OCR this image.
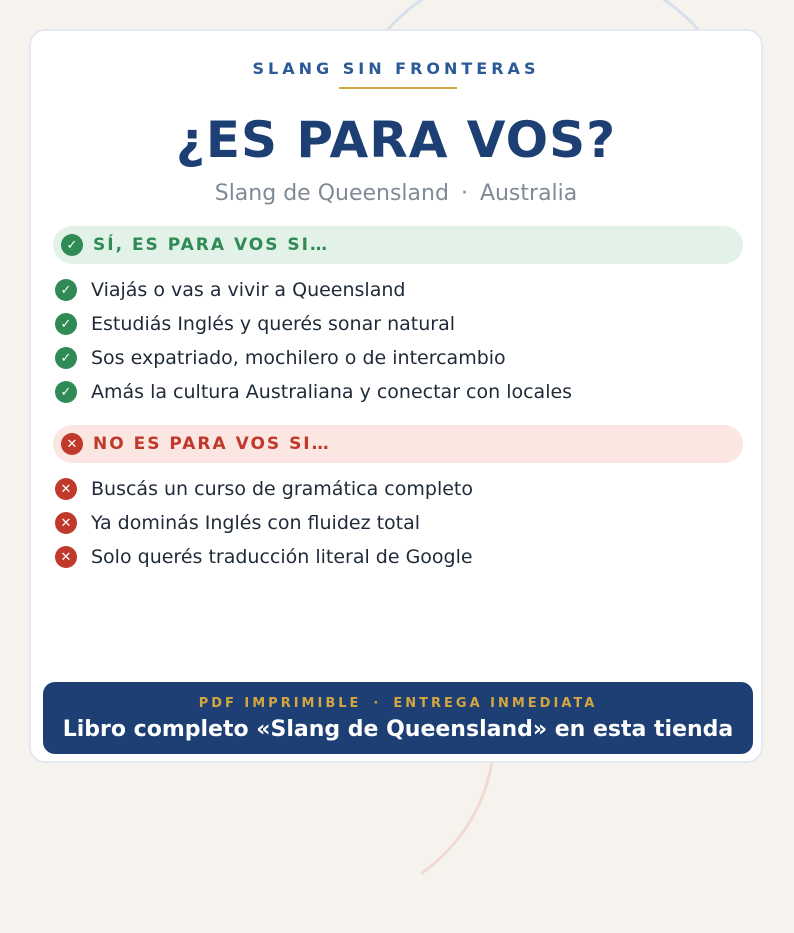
SLANG SIN FRONTERAS
¿ES PARA VOS?
Slang de Queensland · Australia
✓ SÍ, ES PARA VOS SI…
✓ Viajás o vas a vivir a Queensland
✓ Estudiás Inglés y querés sonar natural
✓ Sos expatriado, mochilero o de intercambio
✓ Amás la cultura Australiana y conectar con locales
✕ NO ES PARA VOS SI…
✕ Buscás un curso de gramática completo
✕ Ya dominás Inglés con fluidez total
✕ Solo querés traducción literal de Google
PDF IMPRIMIBLE · ENTREGA INMEDIATA
Libro completo «Slang de Queensland» en esta tienda
